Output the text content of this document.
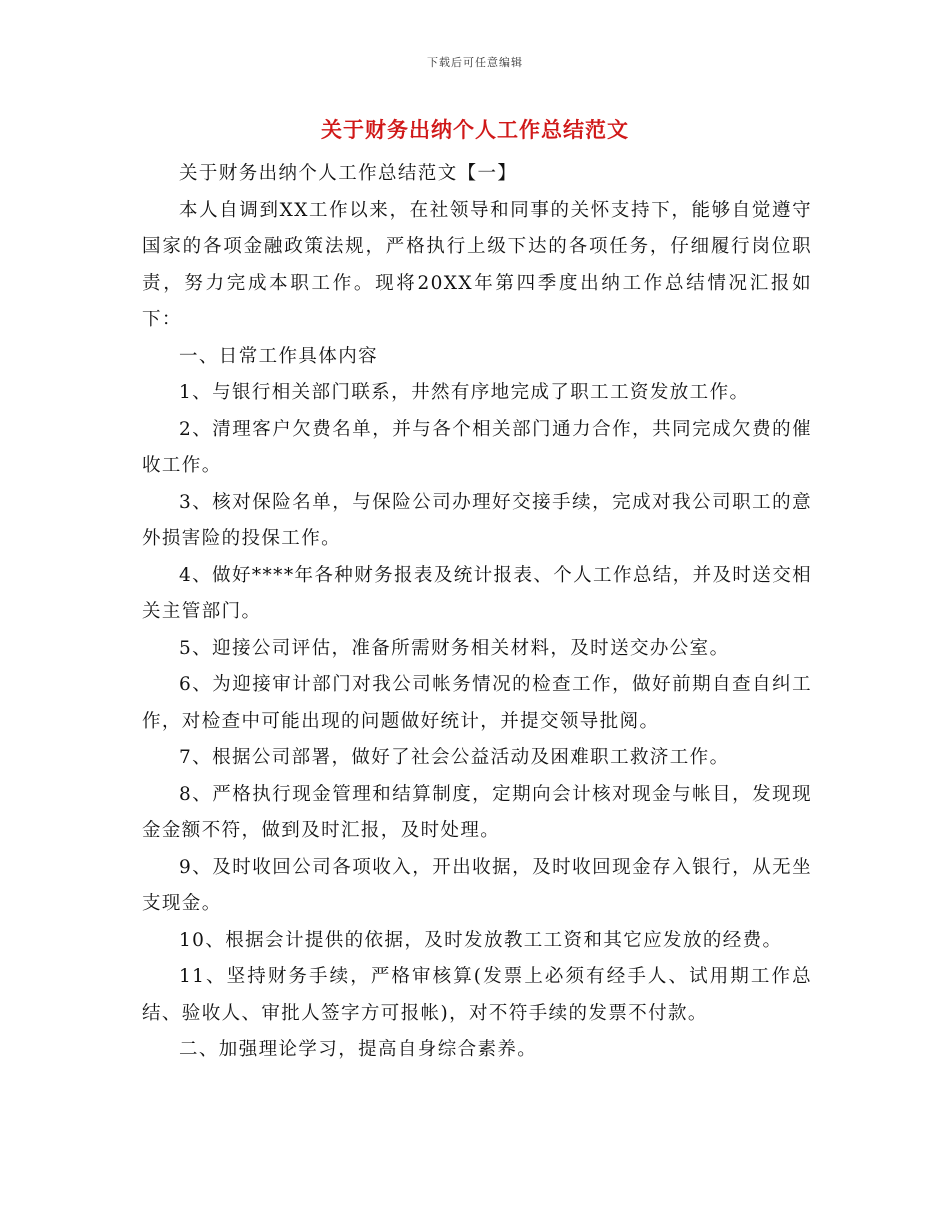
下载后可任意编辑
关于财务出纳个人工作总结范文

关于财务出纳个人工作总结范文【一】

本人自调到XX工作以来，在社领导和同事的关怀支持下，能够自觉遵守国家的各项金融政策法规，严格执行上级下达的各项任务，仔细履行岗位职责，努力完成本职工作。现将20XX年第四季度出纳工作总结情况汇报如下：

一、日常工作具体内容

1、与银行相关部门联系，井然有序地完成了职工工资发放工作。

2、清理客户欠费名单，并与各个相关部门通力合作，共同完成欠费的催收工作。

3、核对保险名单，与保险公司办理好交接手续，完成对我公司职工的意外损害险的投保工作。

4、做好****年各种财务报表及统计报表、个人工作总结，并及时送交相关主管部门。

5、迎接公司评估，准备所需财务相关材料，及时送交办公室。

6、为迎接审计部门对我公司帐务情况的检查工作，做好前期自查自纠工作，对检查中可能出现的问题做好统计，并提交领导批阅。

7、根据公司部署，做好了社会公益活动及困难职工救济工作。

8、严格执行现金管理和结算制度，定期向会计核对现金与帐目，发现现金金额不符，做到及时汇报，及时处理。

9、及时收回公司各项收入，开出收据，及时收回现金存入银行，从无坐支现金。

10、根据会计提供的依据，及时发放教工工资和其它应发放的经费。

11、坚持财务手续，严格审核算(发票上必须有经手人、试用期工作总结、验收人、审批人签字方可报帐)，对不符手续的发票不付款。

二、加强理论学习，提高自身综合素养。
